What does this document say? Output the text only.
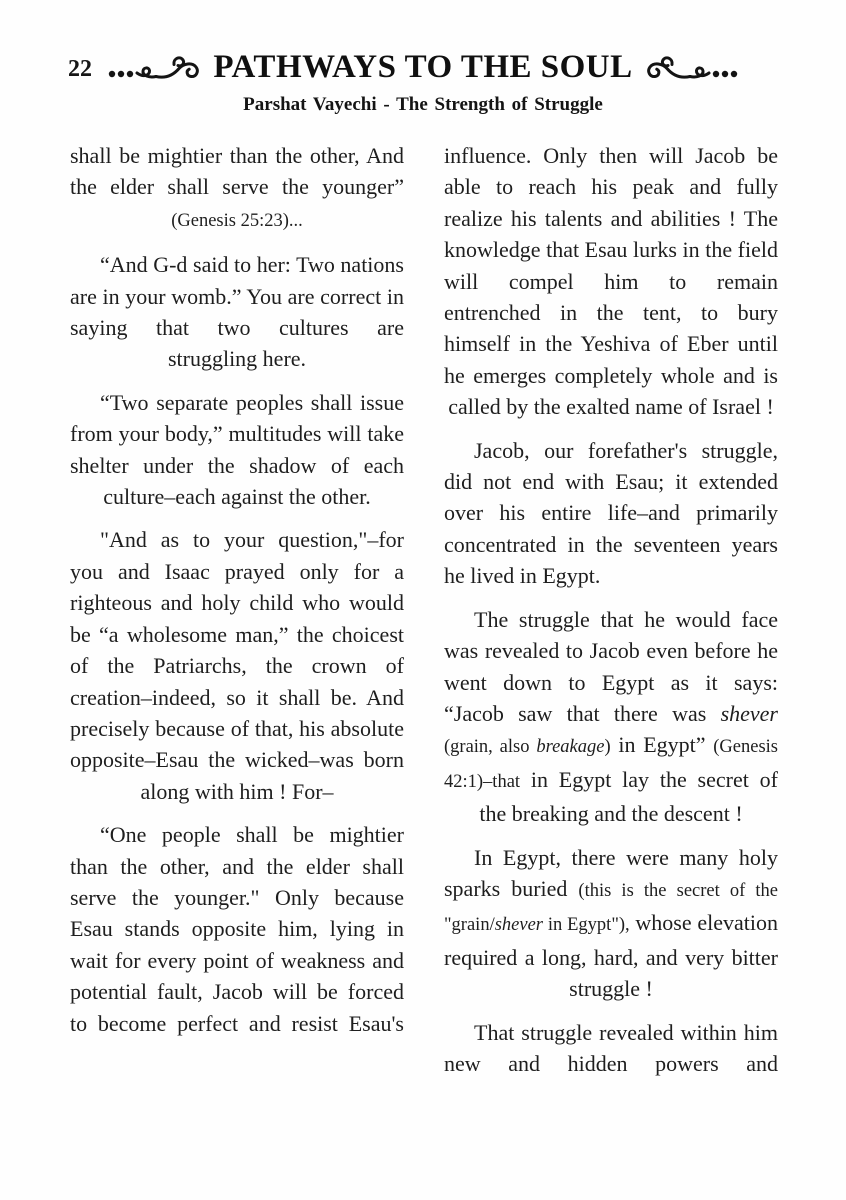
22	PATHWAYS TO THE SOUL
Parshat Vayechi - The Strength of Struggle

shall be mightier than the other, And the elder shall serve the younger” (Genesis 25:23)...

“And G-d said to her: Two nations are in your womb.” You are correct in saying that two cultures are struggling here.

“Two separate peoples shall issue from your body,” multitudes will take shelter under the shadow of each culture–each against the other.

"And as to your question,"–for you and Isaac prayed only for a righteous and holy child who would be “a wholesome man,” the choicest of the Patriarchs, the crown of creation–indeed, so it shall be. And precisely because of that, his absolute opposite–Esau the wicked–was born along with him ! For–

“One people shall be mightier than the other, and the elder shall serve the younger." Only because Esau stands opposite him, lying in wait for every point of weakness and potential fault, Jacob will be forced to become perfect and resist Esau's

influence. Only then will Jacob be able to reach his peak and fully realize his talents and abilities ! The knowledge that Esau lurks in the field will compel him to remain entrenched in the tent, to bury himself in the Yeshiva of Eber until he emerges completely whole and is called by the exalted name of Israel !

Jacob, our forefather's struggle, did not end with Esau; it extended over his entire life–and primarily concentrated in the seventeen years he lived in Egypt.

The struggle that he would face was revealed to Jacob even before he went down to Egypt as it says: “Jacob saw that there was shever (grain, also breakage) in Egypt” (Genesis 42:1)–that in Egypt lay the secret of the breaking and the descent !

In Egypt, there were many holy sparks buried (this is the secret of the "grain/shever in Egypt"), whose elevation required a long, hard, and very bitter struggle !

That struggle revealed within him new and hidden powers and
